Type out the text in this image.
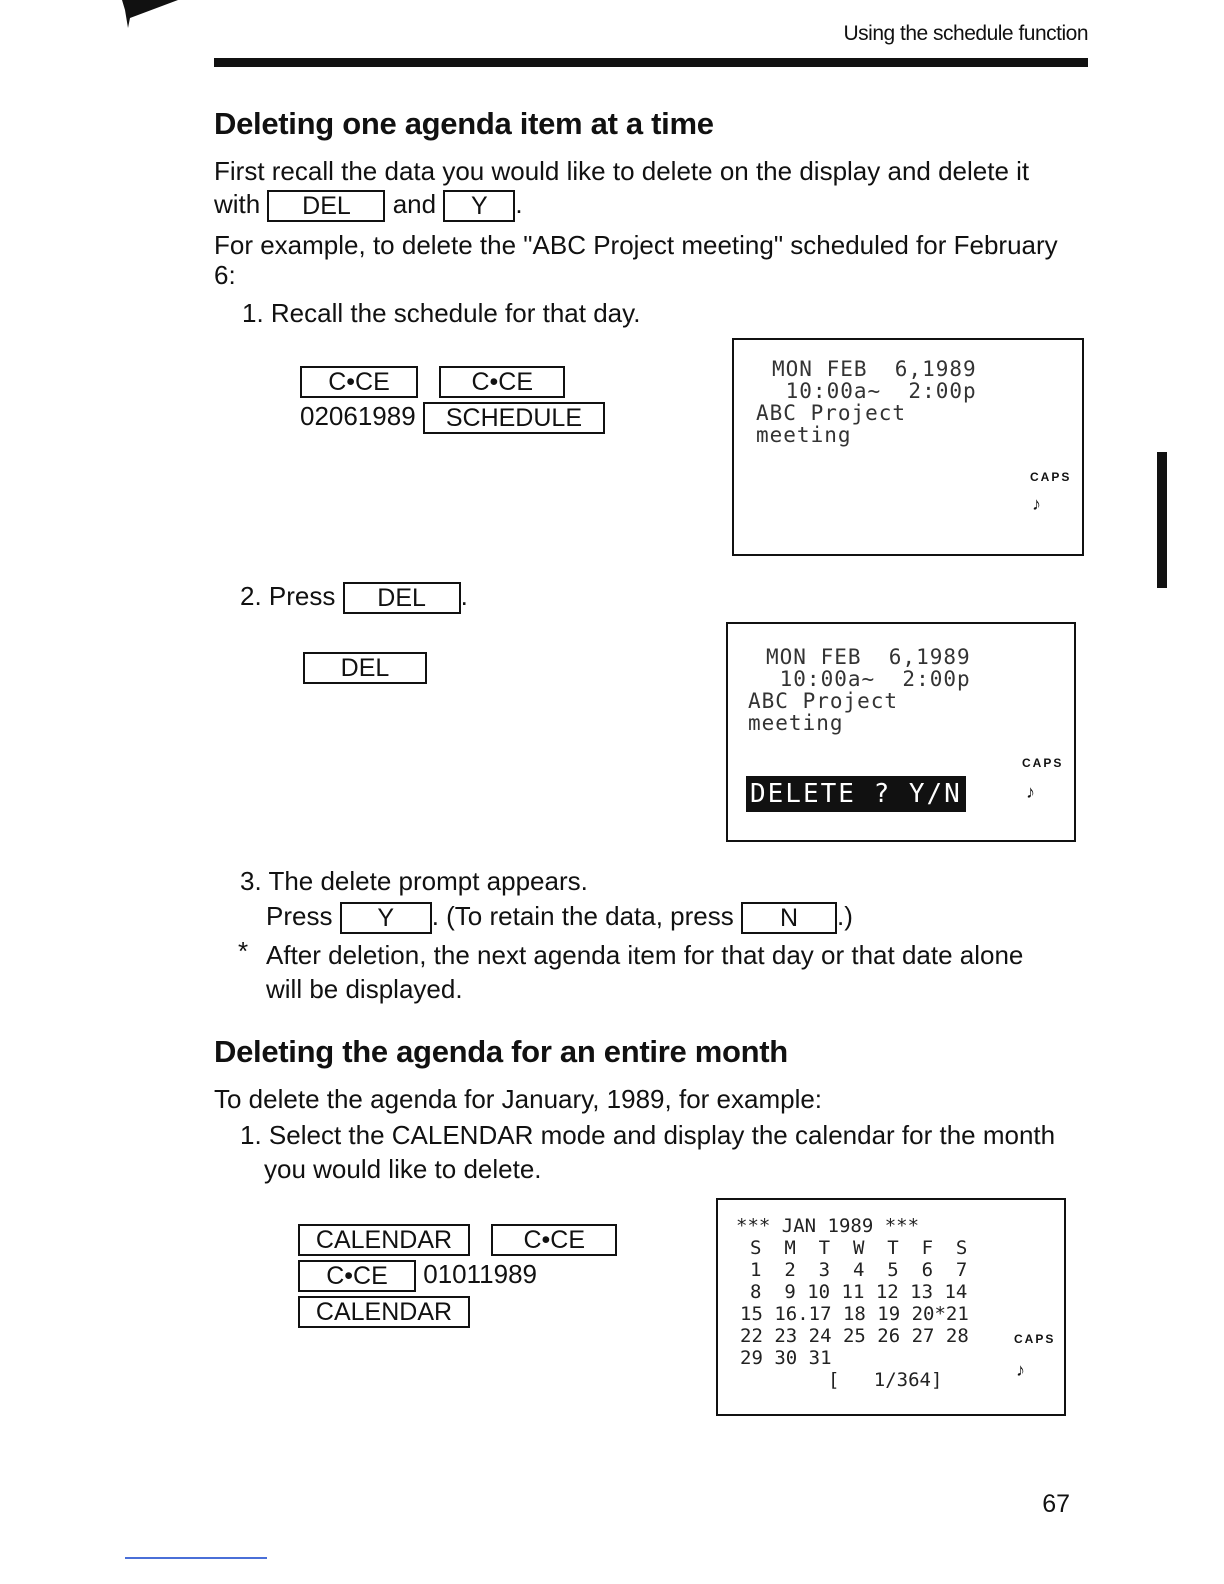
Using the schedule function
Deleting one agenda item at a time

First recall the data you would like to delete on the display and delete it

with DEL and Y .

For example, to delete the "ABC Project meeting" scheduled for February

6:

1. Recall the schedule for that day.

C•CE	C•CE
02061989 SCHEDULE
MON FEB  6,1989
10:00a~  2:00p
ABC Project
meeting
CAPS
♪
2. Press DEL .
DEL	MON FEB  6,1989
10:00a~  2:00p
ABC Project
meeting
CAPS
DELETE ? Y/N	♪

3. The delete prompt appears.

Press Y . (To retain the data, press N .)
* After deletion, the next agenda item for that day or that date alone

will be displayed.

Deleting the agenda for an entire month

To delete the agenda for January, 1989, for example:

1. Select the CALENDAR mode and display the calendar for the month

you would like to delete.

CALENDAR	C•CE
C•CE 01011989
CALENDAR
*** JAN 1989 ***
S  M  T  W  T  F  S
1  2  3  4  5  6  7
8  9 10 11 12 13 14
15 16.17 18 19 20*21
22 23 24 25 26 27 28	CAPS
29 30 31
[   1/364]	♪
67
